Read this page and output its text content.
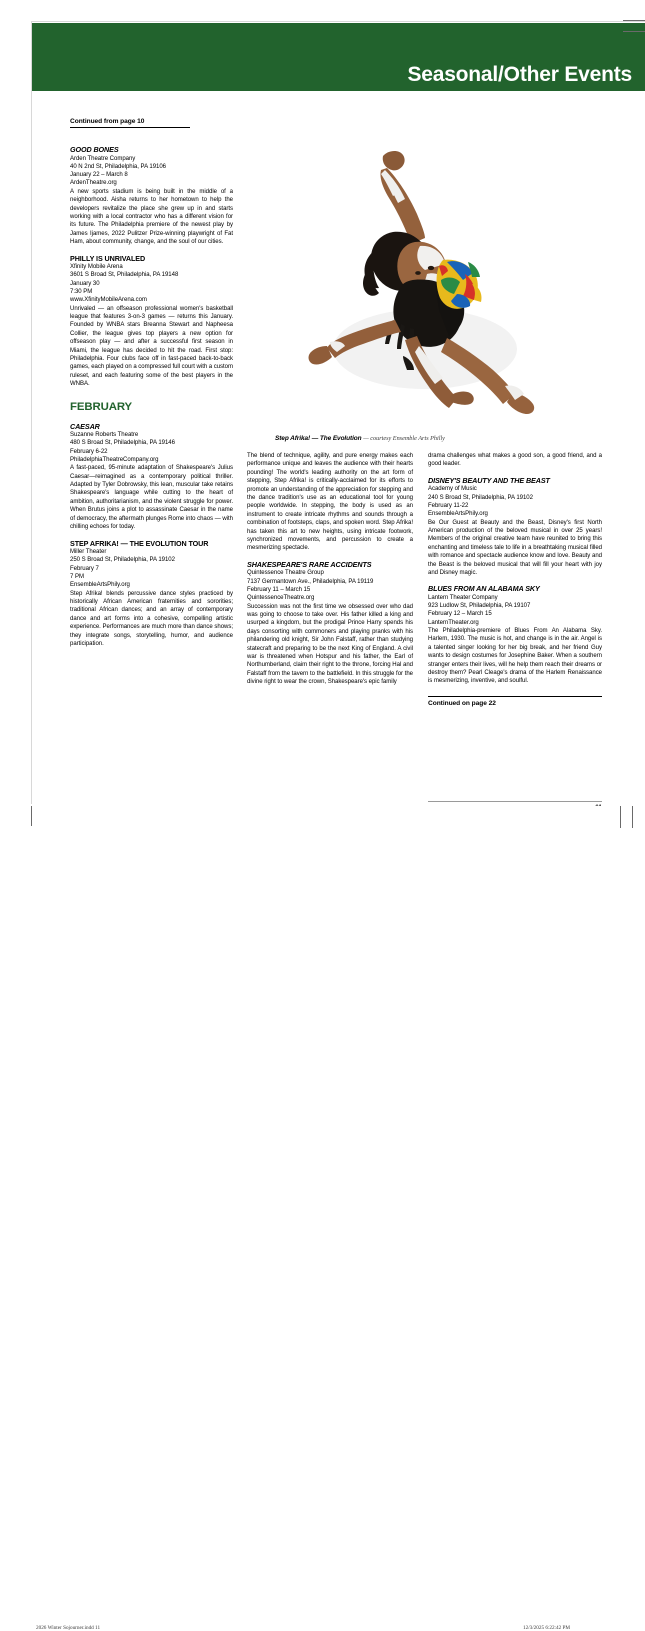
Seasonal/Other Events
Continued from page 10
Step Afrika! — The Evolution — courtesy Ensemble Arts Philly
GOOD BONES
Arden Theatre Company
40 N 2nd St, Philadelphia, PA 19106
January 22 – March 8
ArdenTheatre.org
A new sports stadium is being built in the middle of a neighborhood. Aisha returns to her hometown to help the developers revitalize the place she grew up in and starts working with a local contractor who has a different vision for its future. The Philadelphia premiere of the newest play by James Ijames, 2022 Pulitzer Prize-winning playwright of Fat Ham, about community, change, and the soul of our cities.
PHILLY IS UNRIVALED
Xfinity Mobile Arena
3601 S Broad St, Philadelphia, PA 19148
January 30
7:30 PM
www.XfinityMobileArena.com
Unrivaled — an offseason professional women's basketball league that features 3-on-3 games — returns this January. Founded by WNBA stars Breanna Stewart and Napheesa Collier, the league gives top players a new option for offseason play — and after a successful first season in Miami, the league has decided to hit the road. First stop: Philadelphia. Four clubs face off in fast-paced back-to-back games, each played on a compressed full court with a custom ruleset, and each featuring some of the best players in the WNBA.
FEBRUARY
CAESAR
Suzanne Roberts Theatre
480 S Broad St, Philadelphia, PA 19146
February 6-22
PhiladelphiaTheatreCompany.org
A fast-paced, 95-minute adaptation of Shakespeare's Julius Caesar—reimagined as a contemporary political thriller. Adapted by Tyler Dobrowsky, this lean, muscular take retains Shakespeare's language while cutting to the heart of ambition, authoritarianism, and the violent struggle for power. When Brutus joins a plot to assassinate Caesar in the name of democracy, the aftermath plunges Rome into chaos — with chilling echoes for today.
STEP AFRIKA! — THE EVOLUTION TOUR
Miller Theater
250 S Broad St, Philadelphia, PA 19102
February 7
7 PM
EnsembleArtsPhily.org
Step Afrika! blends percussive dance styles practiced by historically African American fraternities and sororities; traditional African dances; and an array of contemporary dance and art forms into a cohesive, compelling artistic experience. Performances are much more than dance shows; they integrate songs, storytelling, humor, and audience participation.
The blend of technique, agility, and pure energy makes each performance unique and leaves the audience with their hearts pounding! The world's leading authority on the art form of stepping, Step Afrika! is critically-acclaimed for its efforts to promote an understanding of the appreciation for stepping and the dance tradition's use as an educational tool for young people worldwide. In stepping, the body is used as an instrument to create intricate rhythms and sounds through a combination of footsteps, claps, and spoken word. Step Afrika! has taken this art to new heights, using intricate footwork, synchronized movements, and percussion to create a mesmerizing spectacle.
SHAKESPEARE'S RARE ACCIDENTS
Quintessence Theatre Group
7137 Germantown Ave., Philadelphia, PA 19119
February 11 – March 15
QuintessenceTheatre.org
Succession was not the first time we obsessed over who dad was going to choose to take over. His father killed a king and usurped a kingdom, but the prodigal Prince Harry spends his days consorting with commoners and playing pranks with his philandering old knight, Sir John Falstaff, rather than studying statecraft and preparing to be the next King of England. A civil war is threatened when Hotspur and his father, the Earl of Northumberland, claim their right to the throne, forcing Hal and Falstaff from the tavern to the battlefield. In this struggle for the divine right to wear the crown, Shakespeare's epic family
drama challenges what makes a good son, a good friend, and a good leader.
DISNEY'S BEAUTY AND THE BEAST
Academy of Music
240 S Broad St, Philadelphia, PA 19102
February 11-22
EnsembleArtsPhily.org
Be Our Guest at Beauty and the Beast, Disney's first North American production of the beloved musical in over 25 years! Members of the original creative team have reunited to bring this enchanting and timeless tale to life in a breathtaking musical filled with romance and spectacle audience know and love. Beauty and the Beast is the beloved musical that will fill your heart with joy and Disney magic.
BLUES FROM AN ALABAMA SKY
Lantern Theater Company
923 Ludlow St, Philadelphia, PA 19107
February 12 – March 15
LanternTheater.org
The Philadelphia-premiere of Blues From An Alabama Sky. Harlem, 1930. The music is hot, and change is in the air. Angel is a talented singer looking for her big break, and her friend Guy wants to design costumes for Josephine Baker. When a southern stranger enters their lives, will he help them reach their dreams or destroy them? Pearl Cleage's drama of the Harlem Renaissance is mesmerizing, inventive, and soulful.
Continued on page 22
2026 Winter Sojourner.indd 11	12/3/2025 6:22:42 PM
